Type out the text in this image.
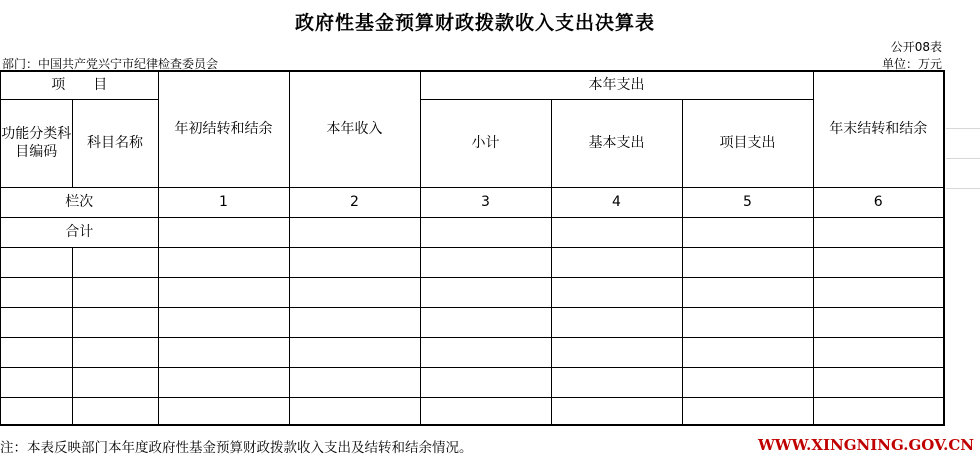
政府性基金预算财政拨款收入支出决算表
公开08表
部门：中国共产党兴宁市纪律检查委员会	单位：万元
项　　目		年初结转和结余	本年收入	本年支出			年末结转和结余
功能分类科目编码	科目名称			小计	基本支出	项目支出	
栏次		1	2	3	4	5	6
合计							

注：本表反映部门本年度政府性基金预算财政拨款收入支出及结转和结余情况。	WWW.XINGNING.GOV.CN
